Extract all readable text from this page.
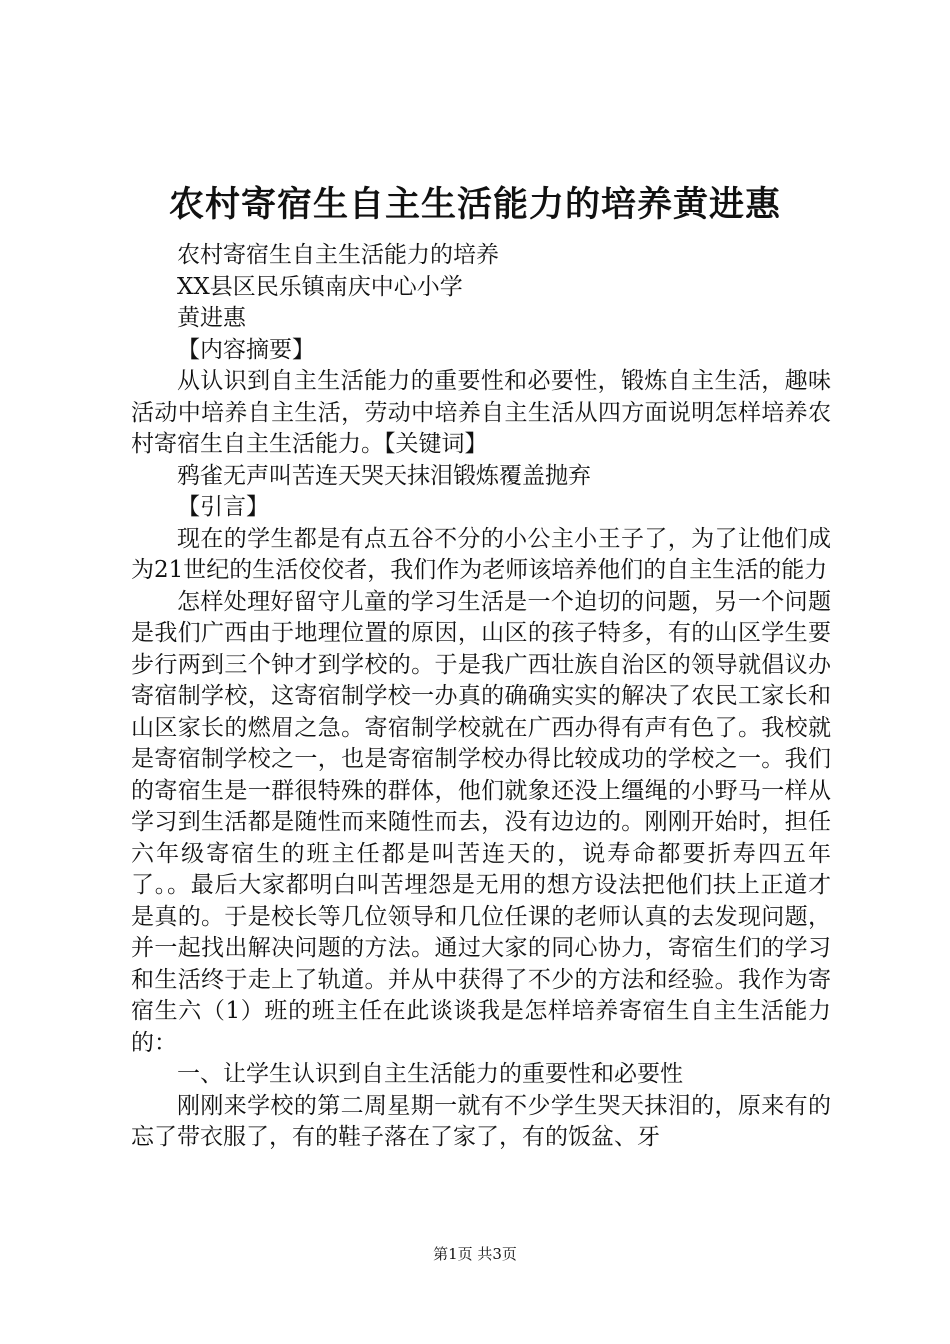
农村寄宿生自主生活能力的培养黄进惠

农村寄宿生自主生活能力的培养

XX县区民乐镇南庆中心小学

黄进惠

【内容摘要】

从认识到自主生活能力的重要性和必要性，锻炼自主生活，趣味活动中培养自主生活，劳动中培养自主生活从四方面说明怎样培养农村寄宿生自主生活能力。【关键词】

鸦雀无声叫苦连天哭天抹泪锻炼覆盖抛弃

【引言】

现在的学生都是有点五谷不分的小公主小王子了，为了让他们成为21世纪的生活佼佼者，我们作为老师该培养他们的自主生活的能力

怎样处理好留守儿童的学习生活是一个迫切的问题，另一个问题是我们广西由于地理位置的原因，山区的孩子特多，有的山区学生要步行两到三个钟才到学校的。于是我广西壮族自治区的领导就倡议办寄宿制学校，这寄宿制学校一办真的确确实实的解决了农民工家长和山区家长的燃眉之急。寄宿制学校就在广西办得有声有色了。我校就是寄宿制学校之一，也是寄宿制学校办得比较成功的学校之一。我们的寄宿生是一群很特殊的群体，他们就象还没上缰绳的小野马一样从学习到生活都是随性而来随性而去，没有边边的。刚刚开始时，担任六年级寄宿生的班主任都是叫苦连天的，说寿命都要折寿四五年了。。最后大家都明白叫苦埋怨是无用的想方设法把他们扶上正道才是真的。于是校长等几位领导和几位任课的老师认真的去发现问题，并一起找出解决问题的方法。通过大家的同心协力，寄宿生们的学习和生活终于走上了轨道。并从中获得了不少的方法和经验。我作为寄宿生六（1）班的班主任在此谈谈我是怎样培养寄宿生自主生活能力的：

一、让学生认识到自主生活能力的重要性和必要性

刚刚来学校的第二周星期一就有不少学生哭天抹泪的，原来有的忘了带衣服了，有的鞋子落在了家了，有的饭盆、牙

第1页 共3页
